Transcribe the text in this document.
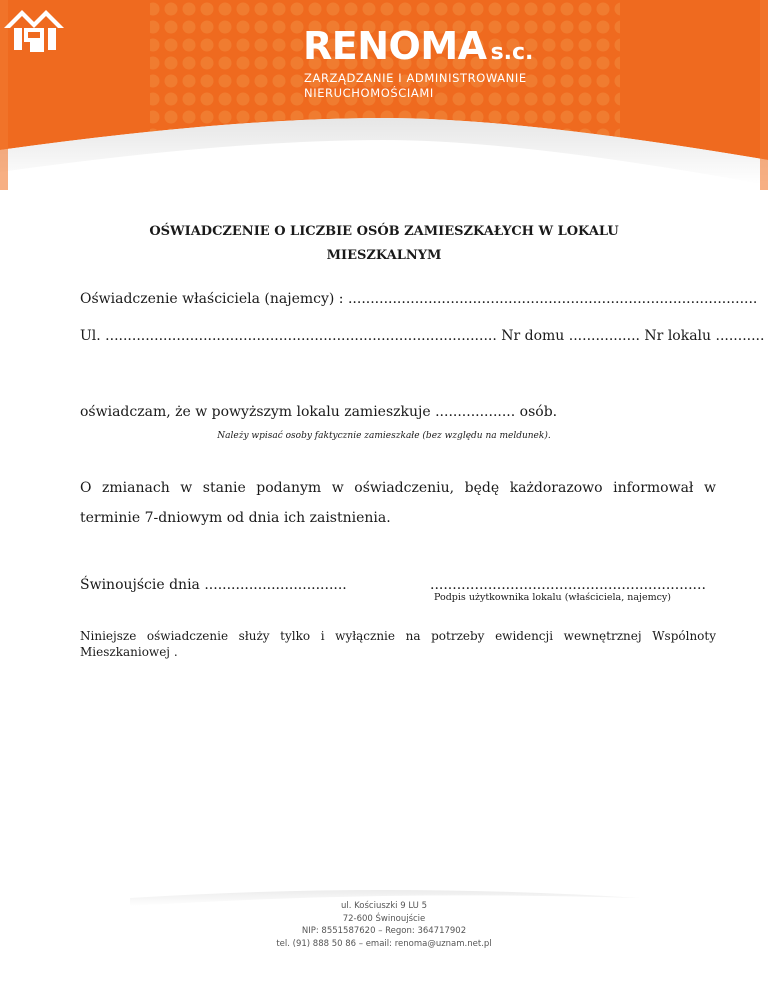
RENOMA s.c.
ZARZĄDZANIE I ADMINISTROWANIE
NIERUCHOMOŚCIAMI
OŚWIADCZENIE O LICZBIE OSÓB ZAMIESZKAŁYCH W LOKALU
MIESZKALNYM
Oświadczenie właściciela (najemcy) : ............................................................................................
Ul. ........................................................................................ Nr domu ................ Nr lokalu ...........
oświadczam, że w powyższym lokalu zamieszkuje .................. osób.
Należy wpisać osoby faktycznie zamieszkałe (bez względu na meldunek).
O zmianach w stanie podanym w oświadczeniu, będę każdorazowo informował w terminie 7-dniowym od dnia ich zaistnienia.
Świnoujście dnia ................................	..............................................................
Podpis użytkownika lokalu (właściciela, najemcy)
Niniejsze oświadczenie służy tylko i wyłącznie na potrzeby ewidencji wewnętrznej Wspólnoty Mieszkaniowej .
ul. Kościuszki 9 LU 5
72-600 Świnoujście
NIP: 8551587620 – Regon: 364717902
tel. (91) 888 50 86 – email: renoma@uznam.net.pl
